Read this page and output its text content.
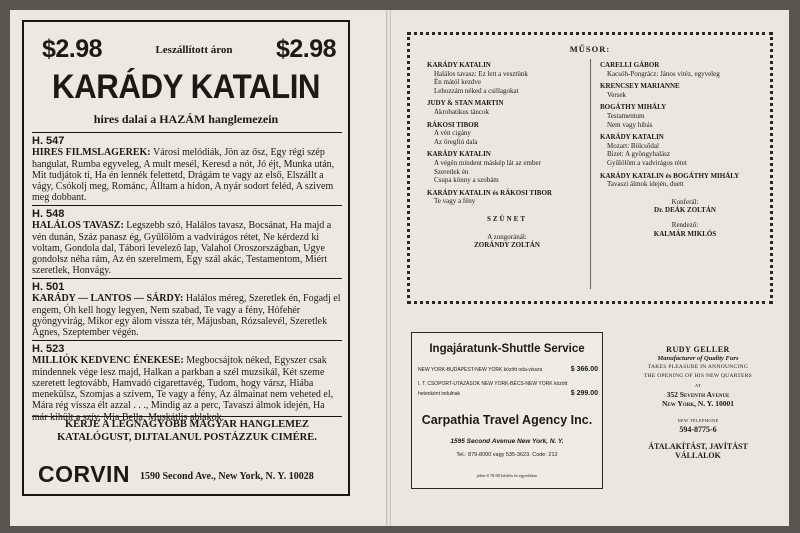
$2.98	Leszállított áron	$2.98
KARÁDY KATALIN
hires dalai a HAZÁM hanglemezein
H. 547
HIRES FILMSLAGEREK: Városi melódiák, Jön az ősz, Egy régi szép hangulat, Rumba egyveleg, A mult mesél, Keresd a nót, Jó éjt, Munka után, Mit tudjátok ti, Ha én lennék felettetd, Drágám te vagy az első, Elszállt a vágy, Csókolj meg, Románc, Álltam a hidon, A nyár sodort feléd, A szivem meg dobbant.
H. 548
HALÁLOS TAVASZ: Legszebb szó, Halálos tavasz, Bocsánat, Ha majd a vén dunán, Száz panasz ég, Gyűlölöm a vadvirágos rétet, Ne kérdezd ki voltam, Gondola dal, Tábori levelező lap, Valahol Oroszországban, Ugye gondolsz néha rám, Az én szerelmem, Egy szál akác, Testamentom, Miért szeretlek, Honvágy.
H. 501
KARÁDY — LANTOS — SÁRDY: Halálos méreg, Szeretlek én, Fogadj el engem, Óh kell hogy legyen, Nem szabad, Te vagy a fény, Hófehér gyöngyvirág, Mikor egy álom vissza tér, Májusban, Rózsalevél, Szeretlek Ágnes, Szeptember végén.
H. 523
MILLIÓK KEDVENC ÉNEKESE: Megbocsájtok néked, Egyszer csak mindennek vége lesz majd, Halkan a parkban a szél muzsikál, Két szeme szeretett legtovább, Hamvadó cigarettavég, Tudom, hogy vársz, Hiába menekülsz, Szomjas a szivem, Te vagy a fény, Az álmainat nem veheted el, Mára rég vissza élt azzal . . ., Mindig az a perc, Tavaszi álmok idején, Ha már kihült a szív, Mia Bella, Muskátlis ablakok.
KÉRJE A LEGNAGYOBB MAGYAR HANGLEMEZ KATALÓGUST, DIJTALANUL POSTÁZZUK CIMÉRE.
CORVIN 1590 Second Ave., New York, N. Y. 10028
MŰSOR:
KARÁDY KATALIN
Halálos tavasz: Ez lett a vesztünk
Én mától kezdve
Lehozzám néked a csillagokat
JUDY & STAN MARTIN
Akrobatikus táncok
RÁKOSI TIBOR
A vén cigány
Az öregfiú dala
KARÁDY KATALIN
A végén mindent máskép lát az ember
Szeretlek én
Csupa könny a szobám
KARÁDY KATALIN és RÁKOSI TIBOR
Te vagy a fény
SZÜNET
A zongoránál:
ZORÁNDY ZOLTÁN
CARELLI GÁBOR
Kacsóh-Pongrácz: János vitéz, egyveleg
KRENCSEY MARIANNE
Versek
BOGÁTHY MIHÁLY
Testamentum
Nem vagy hibás
KARÁDY KATALIN
Mozart: Bölcsődal
Bizet: A gyöngyhalász
Gyűlölöm a vadvirágos rétet
KARÁDY KATALIN és BOGÁTHY MIHÁLY
Tavaszi álmok idején, duett
Konferál:
Dr. DEÁK ZOLTÁN
Rendező:
KALMÁR MIKLÓS
Ingajáratunk-Shuttle Service
NEW YORK-BUDAPEST-NEW YORK között oda-vissza	$ 366.00
I. T. CSOPORT-UTAZÁSOK NEW YORK-BÉCS-NEW YORK között
hetenként indulnak	$ 299.00
Carpathia Travel Agency Inc.
1595 Second Avenue New York, N. Y.
Tel.: 879-8000 vagy 535-3623. Code: 212
jelen 8 78:00 hétfőn és egyedekre
RUDY GELLER
Manufacturer of Quality Furs
TAKES PLEASURE IN ANNOUNCING
THE OPENING OF HIS NEW QUARTERS
AT
352 Seventh Avenue
New York, N. Y. 10001
NEW TELEPHONE
594-8775-6
ÁTALAKÍTÁST, JAVÍTÁST
VÁLLALOK
